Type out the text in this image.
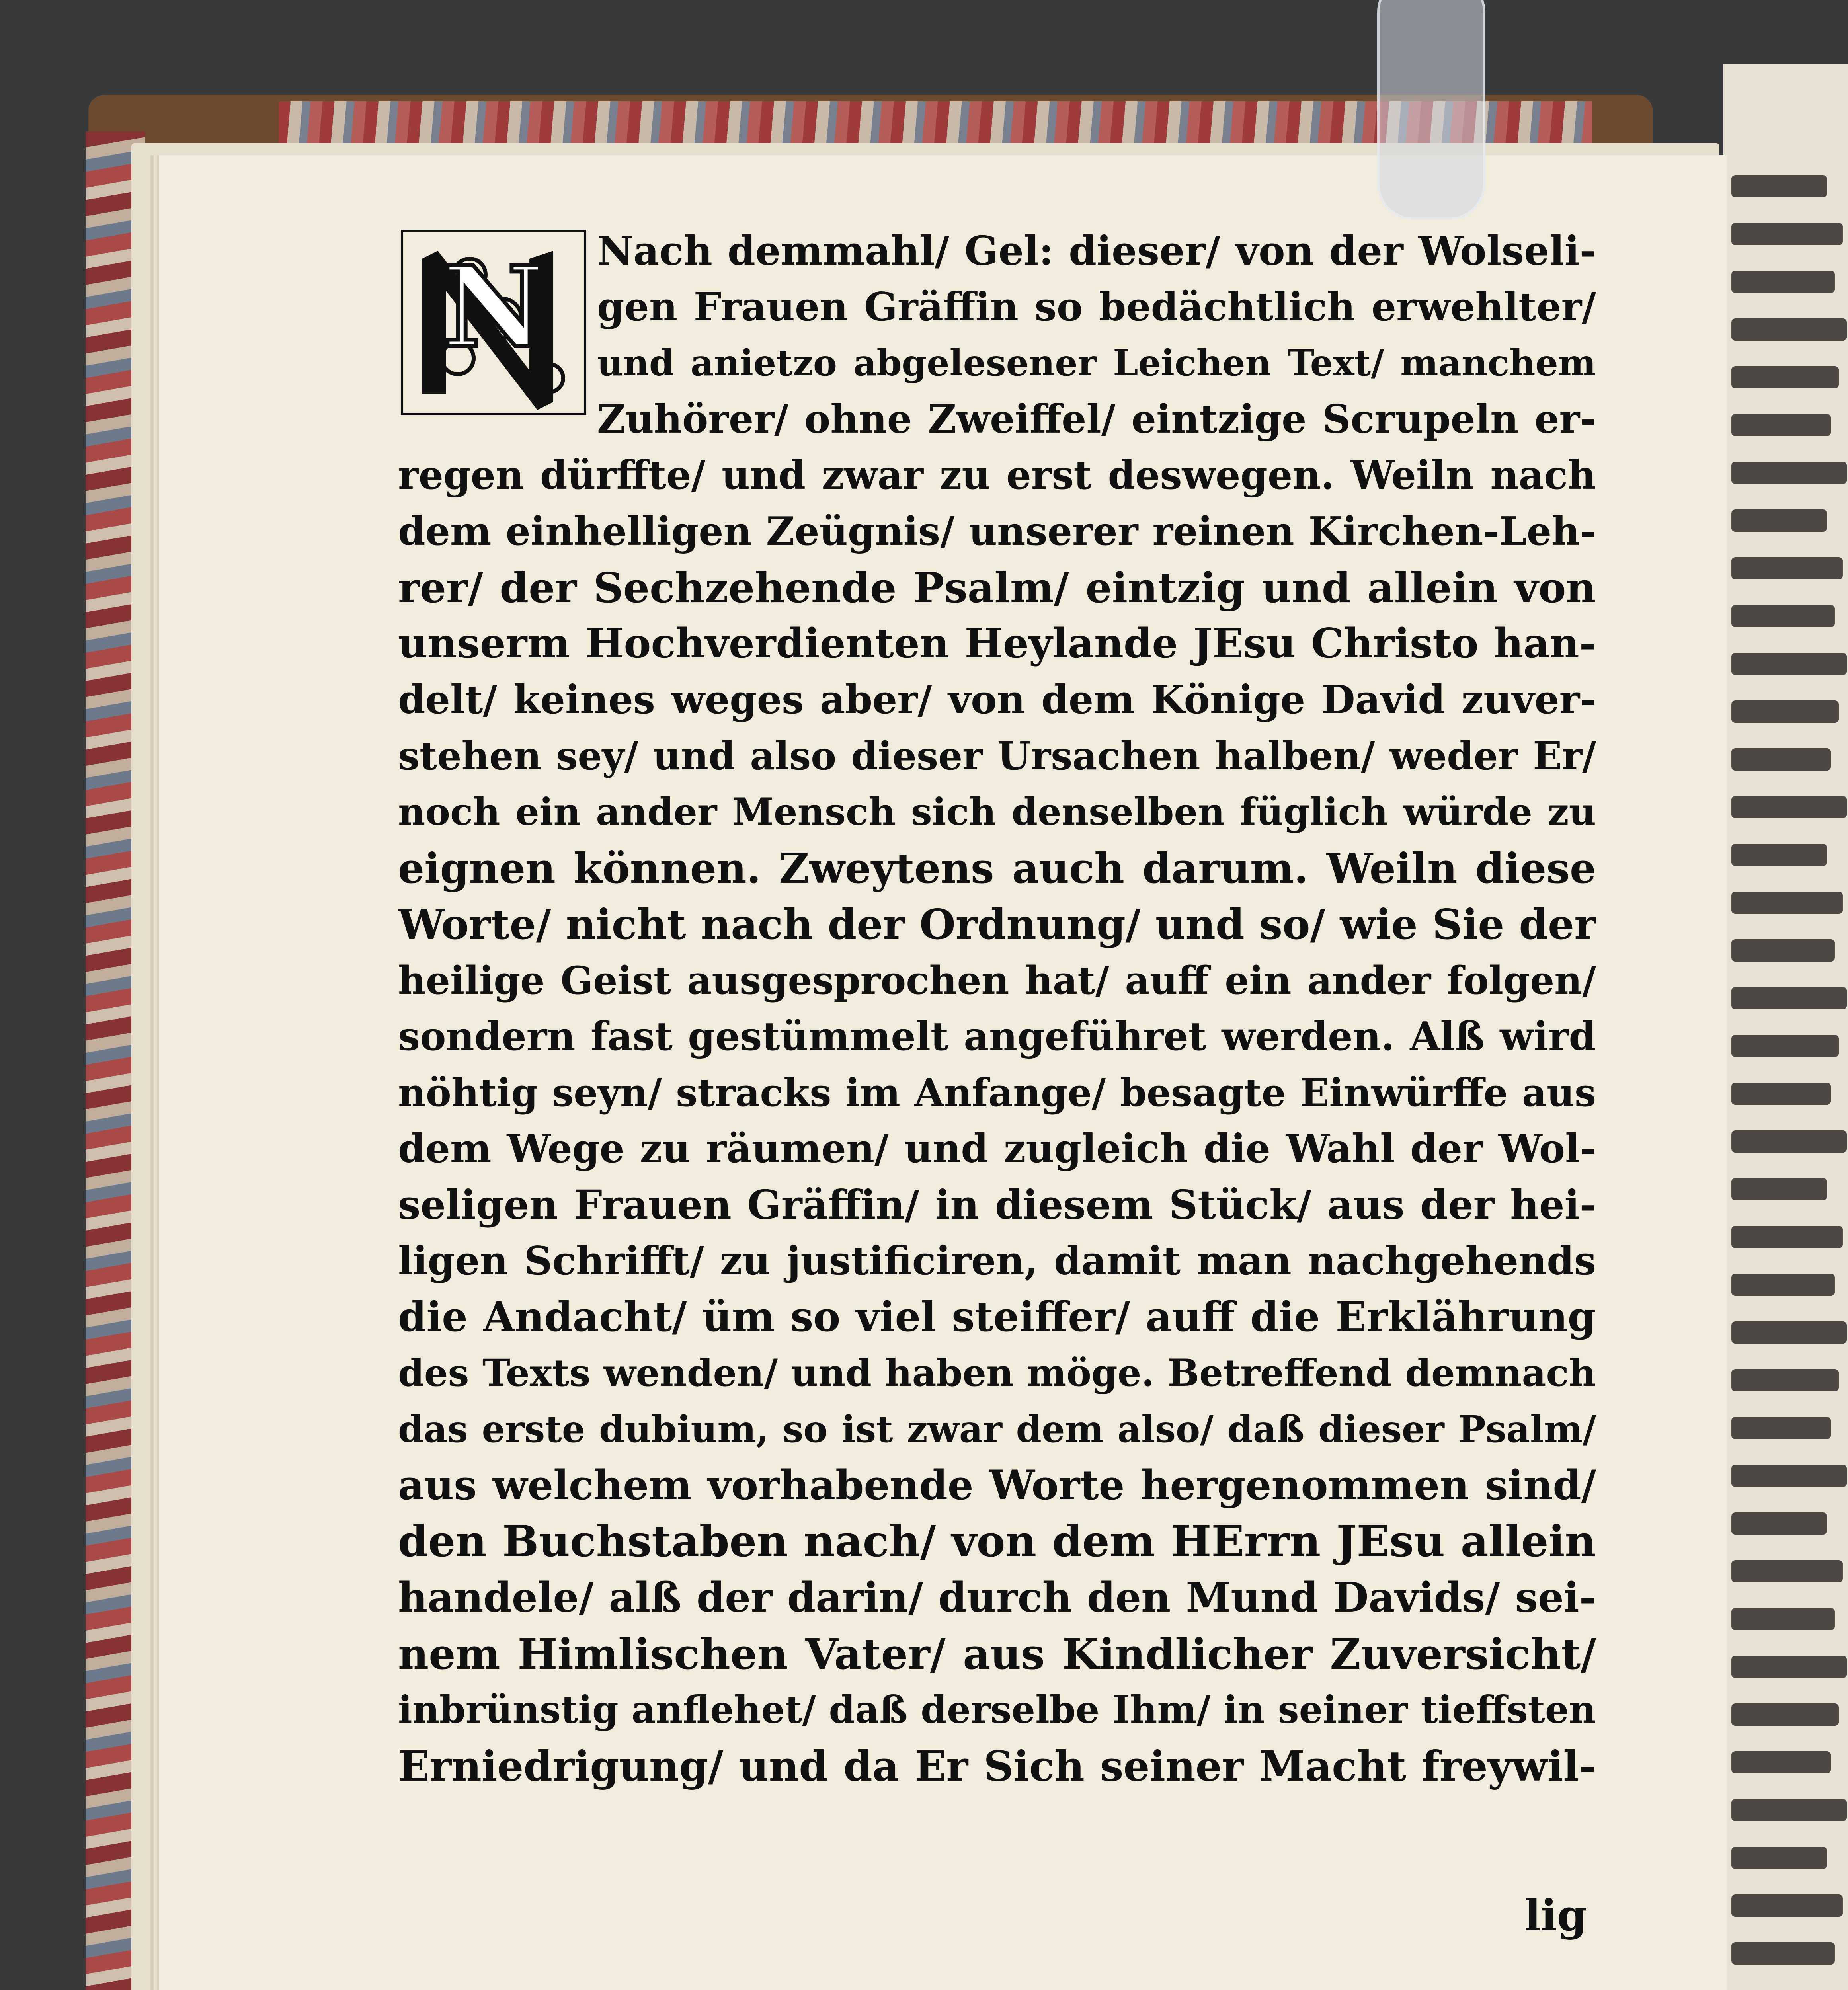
N Nach demmahl/ Gel: dieser/ von der Wolseli-
gen Frauen Gräffin so bedächtlich erwehlter/
und anietzo abgelesener Leichen Text/ manchem
Zuhörer/ ohne Zweiffel/ eintzige Scrupeln er-
regen dürffte/ und zwar zu erst deswegen. Weiln nach
dem einhelligen Zeügnis/ unserer reinen Kirchen-Leh-
rer/ der Sechzehende Psalm/ eintzig und allein von
unserm Hochverdienten Heylande JEsu Christo han-
delt/ keines weges aber/ von dem Könige David zuver-
stehen sey/ und also dieser Ursachen halben/ weder Er/
noch ein ander Mensch sich denselben füglich würde zu
eignen können. Zweytens auch darum. Weiln diese
Worte/ nicht nach der Ordnung/ und so/ wie Sie der
heilige Geist ausgesprochen hat/ auff ein ander folgen/
sondern fast gestümmelt angeführet werden. Alß wird
nöhtig seyn/ stracks im Anfange/ besagte Einwürffe aus
dem Wege zu räumen/ und zugleich die Wahl der Wol-
seligen Frauen Gräffin/ in diesem Stück/ aus der hei-
ligen Schrifft/ zu justificiren, damit man nachgehends
die Andacht/ üm so viel steiffer/ auff die Erklährung
des Texts wenden/ und haben möge. Betreffend demnach
das erste dubium, so ist zwar dem also/ daß dieser Psalm/
aus welchem vorhabende Worte hergenommen sind/
den Buchstaben nach/ von dem HErrn JEsu allein
handele/ alß der darin/ durch den Mund Davids/ sei-
nem Himlischen Vater/ aus Kindlicher Zuversicht/
inbrünstig anflehet/ daß derselbe Ihm/ in seiner tieffsten
Erniedrigung/ und da Er Sich seiner Macht freywil-
lig
